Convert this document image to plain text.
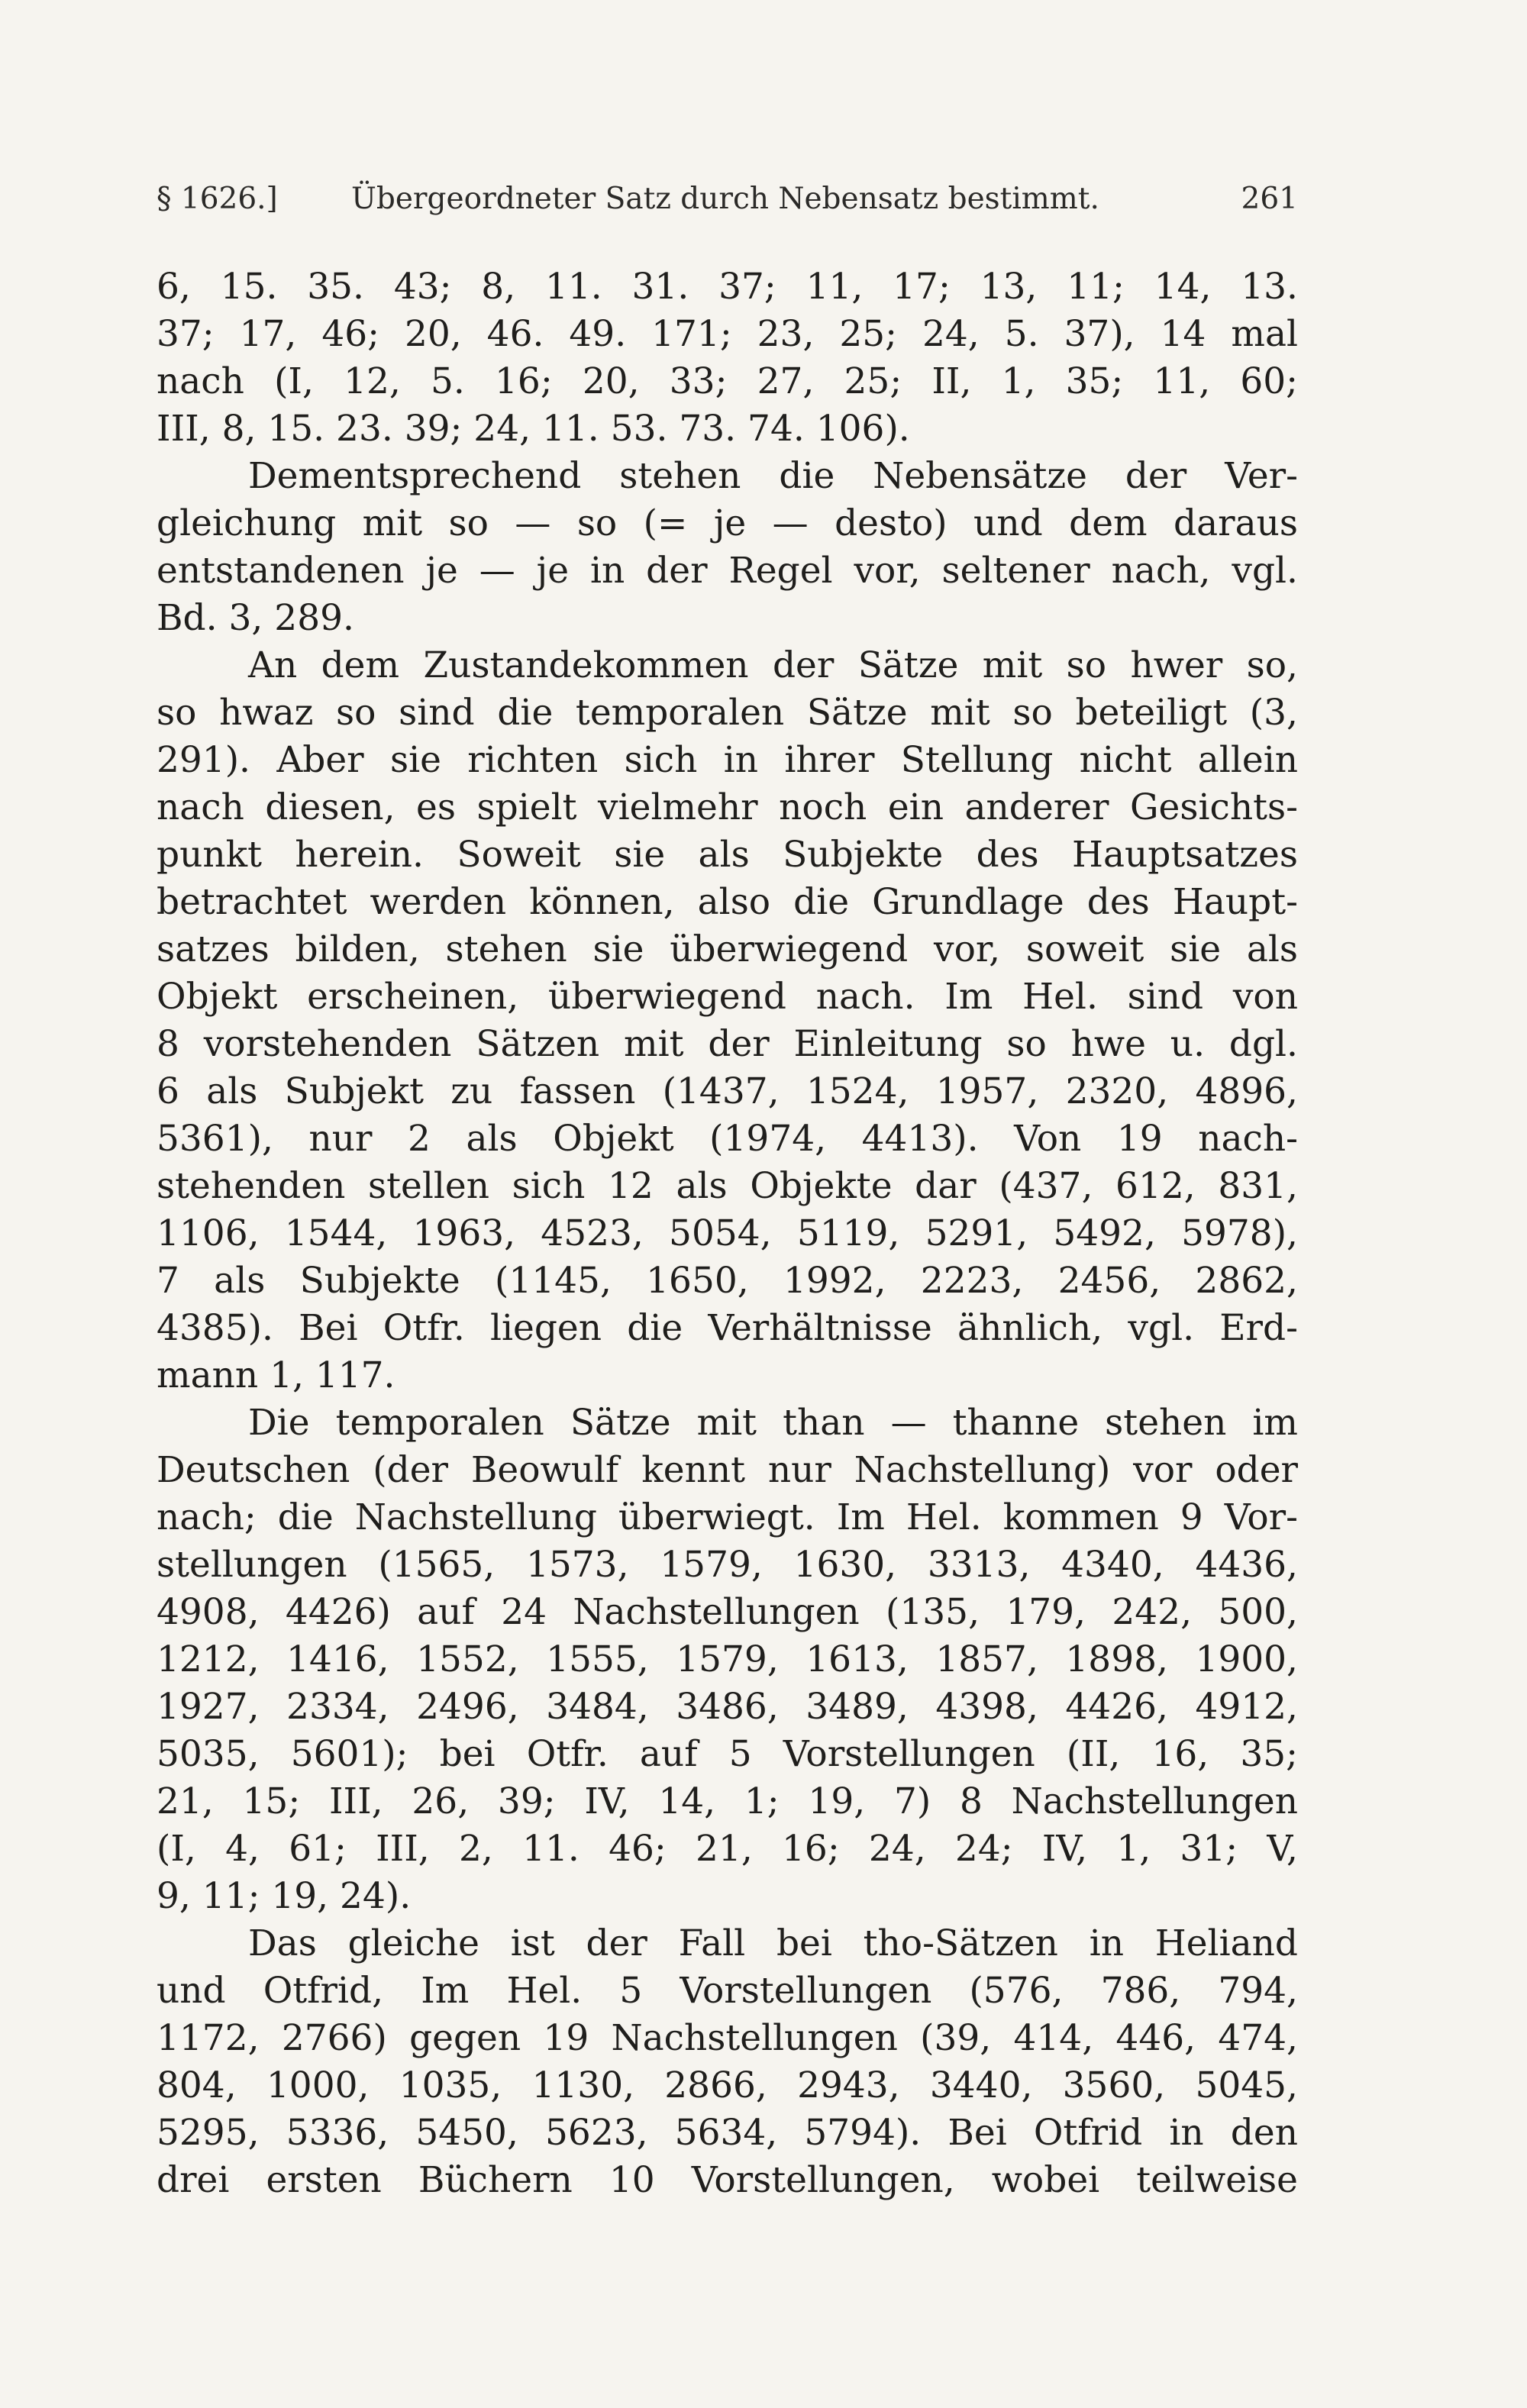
§ 1626.] Übergeordneter Satz durch Nebensatz bestimmt.	261

6, 15. 35. 43; 8, 11. 31. 37; 11, 17; 13, 11; 14, 13.
37; 17, 46; 20, 46. 49. 171; 23, 25; 24, 5. 37), 14 mal
nach (I, 12, 5. 16; 20, 33; 27, 25; II, 1, 35; 11, 60;
III, 8, 15. 23. 39; 24, 11. 53. 73. 74. 106).

Dementsprechend stehen die Nebensätze der Ver-
gleichung mit so — so (= je — desto) und dem daraus
entstandenen je — je in der Regel vor, seltener nach, vgl.
Bd. 3, 289.

An dem Zustandekommen der Sätze mit so hwer so,
so hwaz so sind die temporalen Sätze mit so beteiligt (3,
291). Aber sie richten sich in ihrer Stellung nicht allein
nach diesen, es spielt vielmehr noch ein anderer Gesichts-
punkt herein. Soweit sie als Subjekte des Hauptsatzes
betrachtet werden können, also die Grundlage des Haupt-
satzes bilden, stehen sie überwiegend vor, soweit sie als
Objekt erscheinen, überwiegend nach. Im Hel. sind von
8 vorstehenden Sätzen mit der Einleitung so hwe u. dgl.
6 als Subjekt zu fassen (1437, 1524, 1957, 2320, 4896,
5361), nur 2 als Objekt (1974, 4413). Von 19 nach-
stehenden stellen sich 12 als Objekte dar (437, 612, 831,
1106, 1544, 1963, 4523, 5054, 5119, 5291, 5492, 5978),
7 als Subjekte (1145, 1650, 1992, 2223, 2456, 2862,
4385). Bei Otfr. liegen die Verhältnisse ähnlich, vgl. Erd-
mann 1, 117.

Die temporalen Sätze mit than — thanne stehen im
Deutschen (der Beowulf kennt nur Nachstellung) vor oder
nach; die Nachstellung überwiegt. Im Hel. kommen 9 Vor-
stellungen (1565, 1573, 1579, 1630, 3313, 4340, 4436,
4908, 4426) auf 24 Nachstellungen (135, 179, 242, 500,
1212, 1416, 1552, 1555, 1579, 1613, 1857, 1898, 1900,
1927, 2334, 2496, 3484, 3486, 3489, 4398, 4426, 4912,
5035, 5601); bei Otfr. auf 5 Vorstellungen (II, 16, 35;
21, 15; III, 26, 39; IV, 14, 1; 19, 7) 8 Nachstellungen
(I, 4, 61; III, 2, 11. 46; 21, 16; 24, 24; IV, 1, 31; V,
9, 11; 19, 24).

Das gleiche ist der Fall bei tho-Sätzen in Heliand
und Otfrid, Im Hel. 5 Vorstellungen (576, 786, 794,
1172, 2766) gegen 19 Nachstellungen (39, 414, 446, 474,
804, 1000, 1035, 1130, 2866, 2943, 3440, 3560, 5045,
5295, 5336, 5450, 5623, 5634, 5794). Bei Otfrid in den
drei ersten Büchern 10 Vorstellungen, wobei teilweise
